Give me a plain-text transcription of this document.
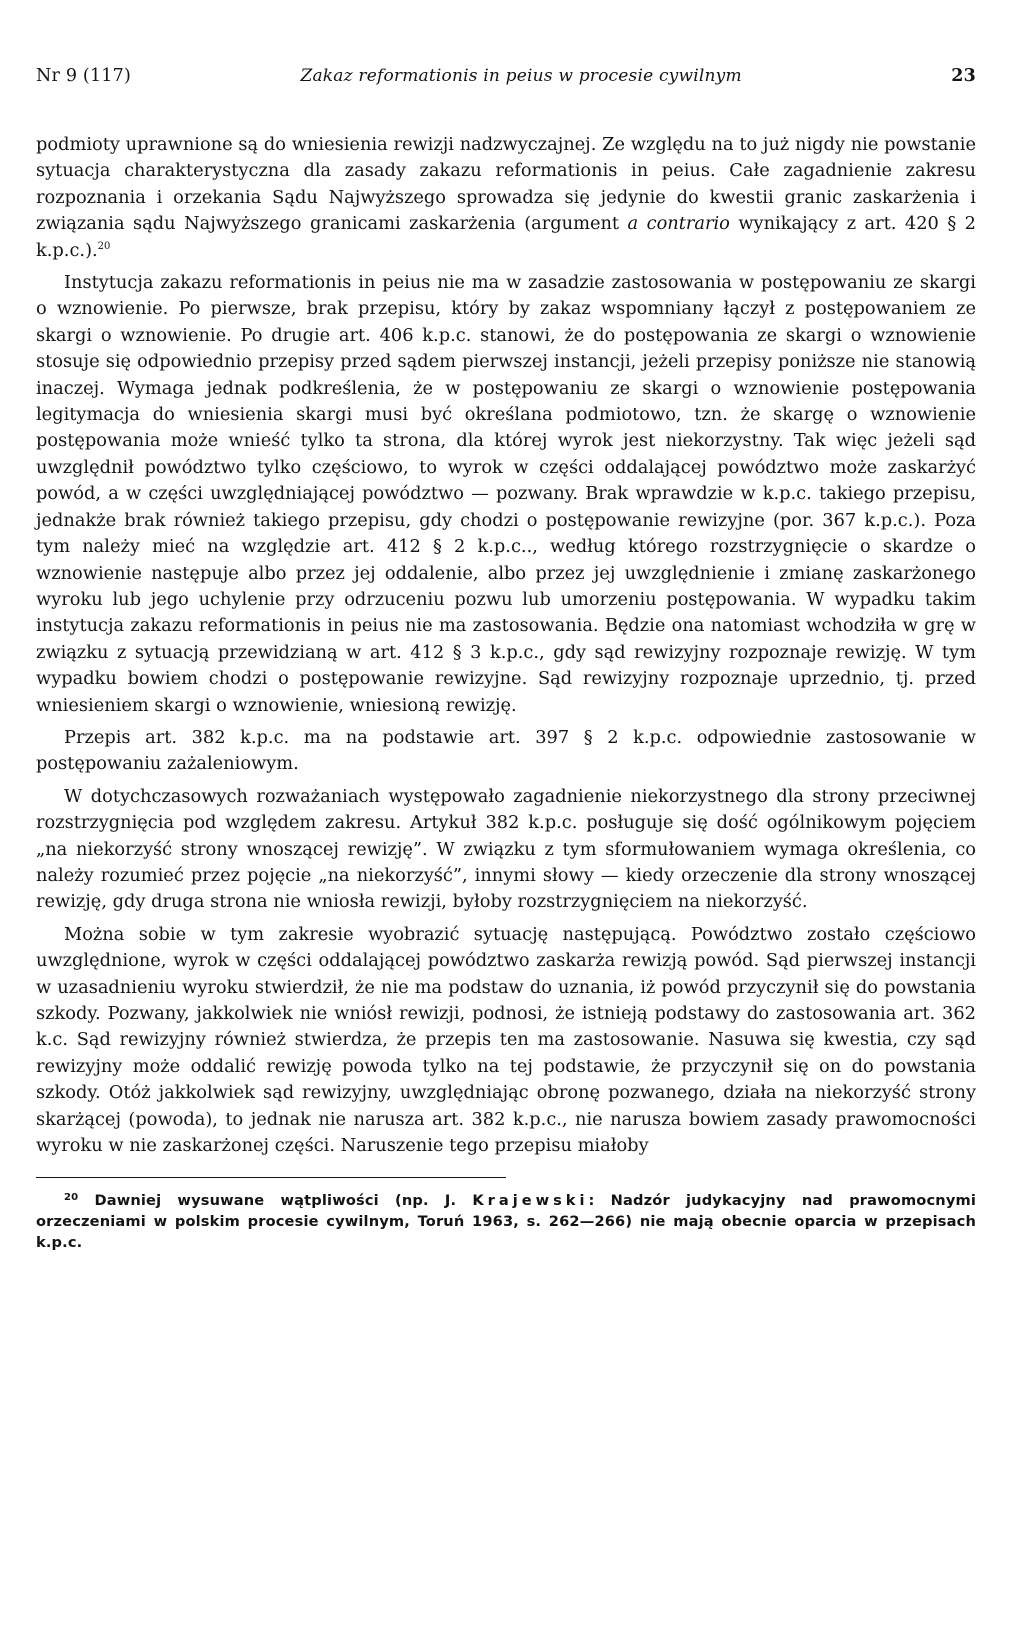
Nr 9 (117)	Zakaz reformationis in peius w procesie cywilnym	23

podmioty uprawnione są do wniesienia rewizji nadzwyczajnej. Ze względu na to już nigdy nie powstanie sytuacja charakterystyczna dla zasady zakazu reformationis in peius. Całe zagadnienie zakresu rozpoznania i orzekania Sądu Najwyższego sprowadza się jedynie do kwestii granic zaskarżenia i związania sądu Najwyższego granicami zaskarżenia (argument a contrario wynikający z art. 420 § 2 k.p.c.).$^{20}$

Instytucja zakazu reformationis in peius nie ma w zasadzie zastosowania w postępowaniu ze skargi o wznowienie. Po pierwsze, brak przepisu, który by zakaz wspomniany łączył z postępowaniem ze skargi o wznowienie. Po drugie art. 406 k.p.c. stanowi, że do postępowania ze skargi o wznowienie stosuje się odpowiednio przepisy przed sądem pierwszej instancji, jeżeli przepisy poniższe nie stanowią inaczej. Wymaga jednak podkreślenia, że w postępowaniu ze skargi o wznowienie postępowania legitymacja do wniesienia skargi musi być określana podmiotowo, tzn. że skargę o wznowienie postępowania może wnieść tylko ta strona, dla której wyrok jest niekorzystny. Tak więc jeżeli sąd uwzględnił powództwo tylko częściowo, to wyrok w części oddalającej powództwo może zaskarżyć powód, a w części uwzględniającej powództwo — pozwany. Brak wprawdzie w k.p.c. takiego przepisu, jednakże brak również takiego przepisu, gdy chodzi o postępowanie rewizyjne (por. 367 k.p.c.). Poza tym należy mieć na względzie art. 412 § 2 k.p.c.., według którego rozstrzygnięcie o skardze o wznowienie następuje albo przez jej oddalenie, albo przez jej uwzględnienie i zmianę zaskarżonego wyroku lub jego uchylenie przy odrzuceniu pozwu lub umorzeniu postępowania. W wypadku takim instytucja zakazu reformationis in peius nie ma zastosowania. Będzie ona natomiast wchodziła w grę w związku z sytuacją przewidzianą w art. 412 § 3 k.p.c., gdy sąd rewizyjny rozpoznaje rewizję. W tym wypadku bowiem chodzi o postępowanie rewizyjne. Sąd rewizyjny rozpoznaje uprzednio, tj. przed wniesieniem skargi o wznowienie, wniesioną rewizję.

Przepis art. 382 k.p.c. ma na podstawie art. 397 § 2 k.p.c. odpowiednie zastosowanie w postępowaniu zażaleniowym.

W dotychczasowych rozważaniach występowało zagadnienie niekorzystnego dla strony przeciwnej rozstrzygnięcia pod względem zakresu. Artykuł 382 k.p.c. posługuje się dość ogólnikowym pojęciem „na niekorzyść strony wnoszącej rewizję”. W związku z tym sformułowaniem wymaga określenia, co należy rozumieć przez pojęcie „na niekorzyść”, innymi słowy — kiedy orzeczenie dla strony wnoszącej rewizję, gdy druga strona nie wniosła rewizji, byłoby rozstrzygnięciem na niekorzyść.

Można sobie w tym zakresie wyobrazić sytuację następującą. Powództwo zostało częściowo uwzględnione, wyrok w części oddalającej powództwo zaskarża rewizją powód. Sąd pierwszej instancji w uzasadnieniu wyroku stwierdził, że nie ma podstaw do uznania, iż powód przyczynił się do powstania szkody. Pozwany, jakkolwiek nie wniósł rewizji, podnosi, że istnieją podstawy do zastosowania art. 362 k.c. Sąd rewizyjny również stwierdza, że przepis ten ma zastosowanie. Nasuwa się kwestia, czy sąd rewizyjny może oddalić rewizję powoda tylko na tej podstawie, że przyczynił się on do powstania szkody. Otóż jakkolwiek sąd rewizyjny, uwzględniając obronę pozwanego, działa na niekorzyść strony skarżącej (powoda), to jednak nie narusza art. 382 k.p.c., nie narusza bowiem zasady prawomocności wyroku w nie zaskarżonej części. Naruszenie tego przepisu miałoby

$^{20}$ Dawniej wysuwane wątpliwości (np. J. Krajewski: Nadzór judykacyjny nad prawomocnymi orzeczeniami w polskim procesie cywilnym, Toruń 1963, s. 262—266) nie mają obecnie oparcia w przepisach k.p.c.
